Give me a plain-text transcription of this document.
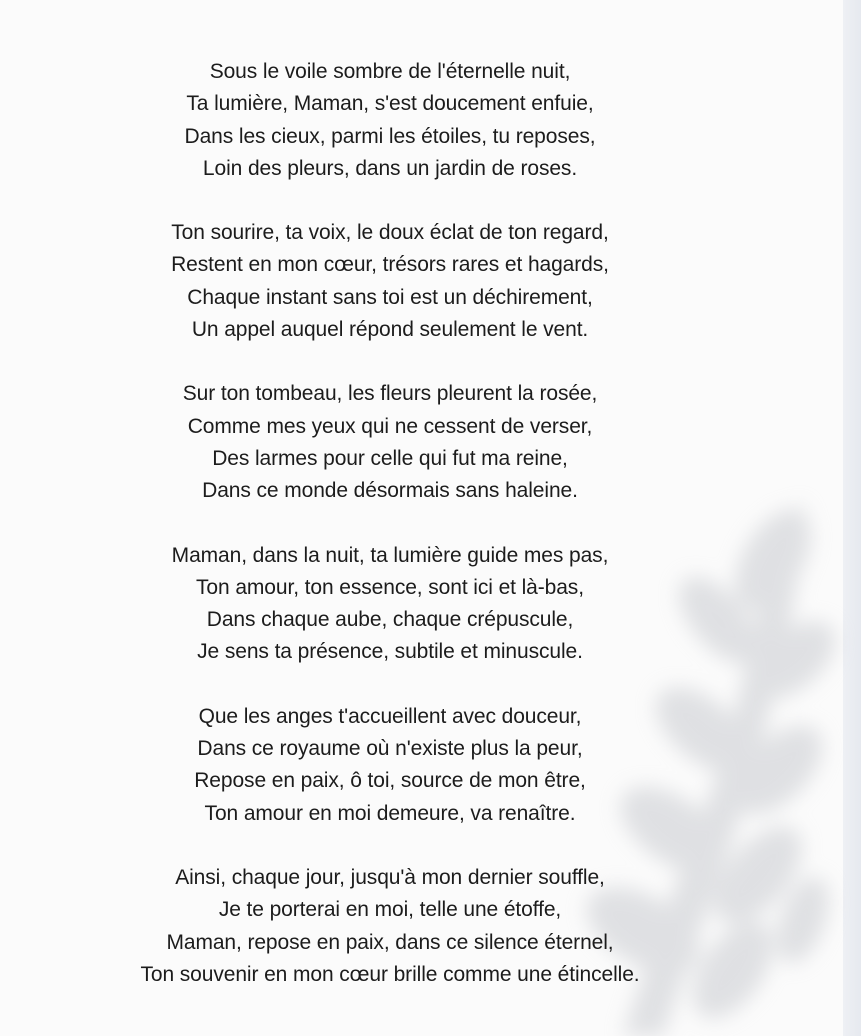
Sous le voile sombre de l'éternelle nuit,
Ta lumière, Maman, s'est doucement enfuie,
Dans les cieux, parmi les étoiles, tu reposes,
Loin des pleurs, dans un jardin de roses.
Ton sourire, ta voix, le doux éclat de ton regard,
Restent en mon cœur, trésors rares et hagards,
Chaque instant sans toi est un déchirement,
Un appel auquel répond seulement le vent.
Sur ton tombeau, les fleurs pleurent la rosée,
Comme mes yeux qui ne cessent de verser,
Des larmes pour celle qui fut ma reine,
Dans ce monde désormais sans haleine.
Maman, dans la nuit, ta lumière guide mes pas,
Ton amour, ton essence, sont ici et là-bas,
Dans chaque aube, chaque crépuscule,
Je sens ta présence, subtile et minuscule.
Que les anges t'accueillent avec douceur,
Dans ce royaume où n'existe plus la peur,
Repose en paix, ô toi, source de mon être,
Ton amour en moi demeure, va renaître.
Ainsi, chaque jour, jusqu'à mon dernier souffle,
Je te porterai en moi, telle une étoffe,
Maman, repose en paix, dans ce silence éternel,
Ton souvenir en mon cœur brille comme une étincelle.
